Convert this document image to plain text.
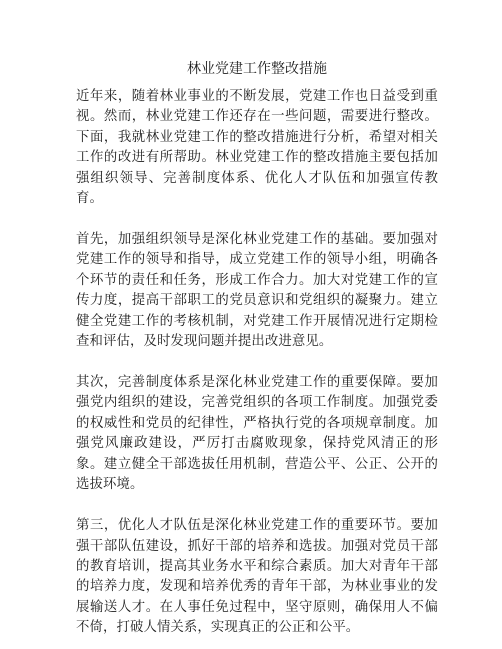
林业党建工作整改措施

近年来，随着林业事业的不断发展，党建工作也日益受到重视。然而，林业党建工作还存在一些问题，需要进行整改。下面，我就林业党建工作的整改措施进行分析，希望对相关工作的改进有所帮助。林业党建工作的整改措施主要包括加强组织领导、完善制度体系、优化人才队伍和加强宣传教育。

首先，加强组织领导是深化林业党建工作的基础。要加强对党建工作的领导和指导，成立党建工作的领导小组，明确各个环节的责任和任务，形成工作合力。加大对党建工作的宣传力度，提高干部职工的党员意识和党组织的凝聚力。建立健全党建工作的考核机制，对党建工作开展情况进行定期检查和评估，及时发现问题并提出改进意见。

其次，完善制度体系是深化林业党建工作的重要保障。要加强党内组织的建设，完善党组织的各项工作制度。加强党委的权威性和党员的纪律性，严格执行党的各项规章制度。加强党风廉政建设，严厉打击腐败现象，保持党风清正的形象。建立健全干部选拔任用机制，营造公平、公正、公开的选拔环境。

第三，优化人才队伍是深化林业党建工作的重要环节。要加强干部队伍建设，抓好干部的培养和选拔。加强对党员干部的教育培训，提高其业务水平和综合素质。加大对青年干部的培养力度，发现和培养优秀的青年干部，为林业事业的发展输送人才。在人事任免过程中，坚守原则，确保用人不偏不倚，打破人情关系，实现真正的公正和公平。
